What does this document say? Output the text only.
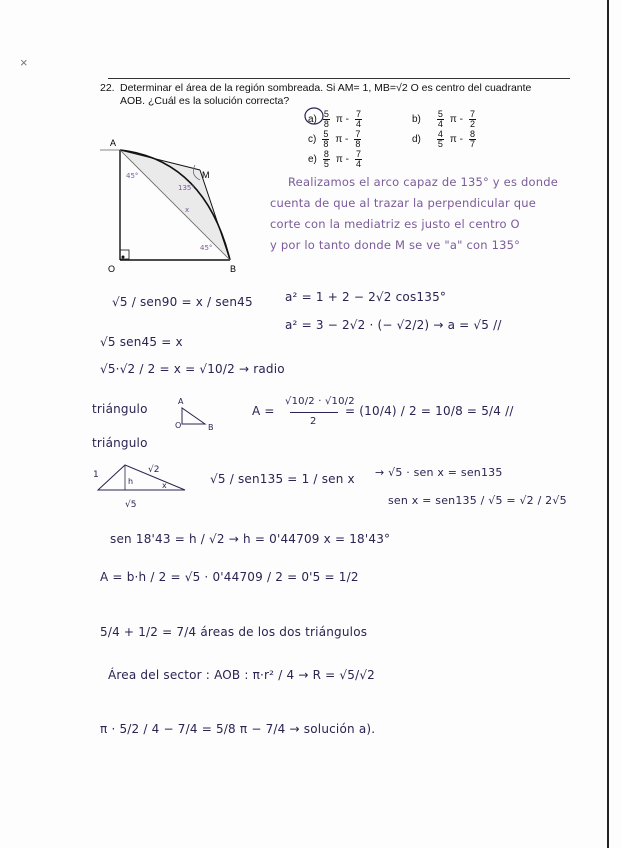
×
22. Determinar el área de la región sombreada. Si AM= 1, MB=√2 O es centro del cuadrante
AOB. ¿Cuál es la solución correcta?
$a) \frac{5}{8}$ π - $\frac{7}{4}$	$b) \frac{5}{4}$ π - $\frac{7}{2}$
$c) \frac{5}{8}$ π - $\frac{7}{8}$	$d) \frac{4}{5}$ π - $\frac{8}{7}$
$e) \frac{8}{5}$ π - $\frac{7}{4}$
A
M
O	B
45°
135°
x
45°
Realizamos el arco capaz de 135° y es donde
cuenta de que al trazar la perpendicular que
corte con la mediatriz es justo el centro O
y por lo tanto donde M se ve "a" con 135°
√5 / sen90 = x / sen45	a² = 1 + 2 − 2√2 cos135°
a² = 3 − 2√2 · (− √2/2) → a = √5 //
√5 sen45 = x
√5·√2 / 2 = x = √10/2 → radio
triángulo
A
O	B
A =
√10/2 · √10/2
2
= (10/4) / 2 = 10/8 = 5/4 //
triángulo
1	√2
h	x
√5
√5 / sen135 = 1 / sen x → √5 · sen x = sen135
sen x = sen135 / √5 = √2 / 2√5
sen 18'43 = h / √2 → h = 0'44709 x = 18'43°
A = b·h / 2 = √5 · 0'44709 / 2 = 0'5 = 1/2
5/4 + 1/2 = 7/4 áreas de los dos triángulos
Área del sector : AOB : π·r² / 4 → R = √5/√2
π · 5/2 / 4 − 7/4 = 5/8 π − 7/4 → solución a).
